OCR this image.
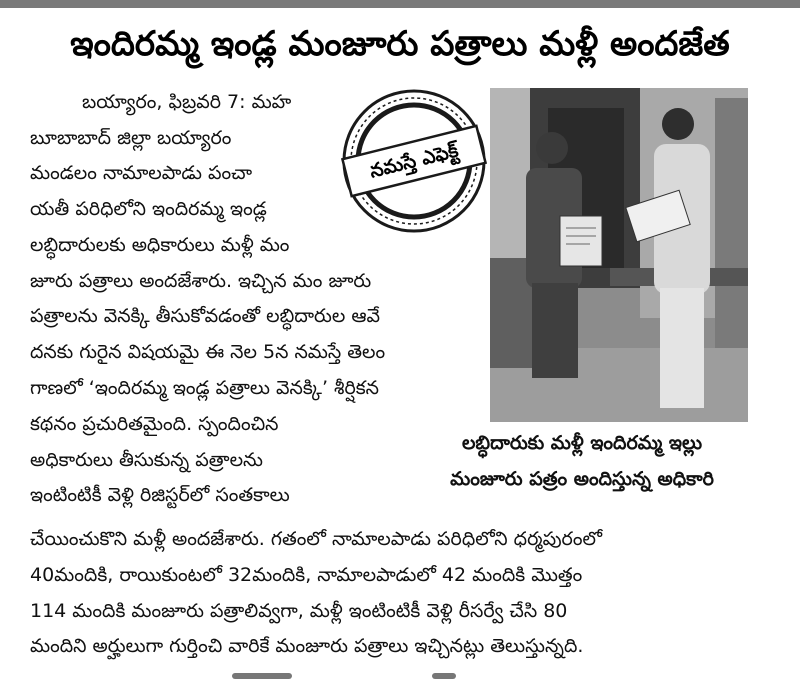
ఇందిరమ్మ ఇండ్ల మంజూరు పత్రాలు మళ్లీ అందజేత
బయ్యారం, ఫిబ్రవరి 7: మహ
బూబాబాద్ జిల్లా బయ్యారం
మండలం నామాలపాడు పంచా
యతీ పరిధిలోని ఇందిరమ్మ ఇండ్ల
లబ్ధిదారులకు అధికారులు మళ్లీ మం
జూరు పత్రాలు అందజేశారు. ఇచ్చిన మం జూరు
పత్రాలను వెనక్కి తీసుకోవడంతో లబ్ధిదారుల ఆవే
దనకు గురైన విషయమై ఈ నెల 5న నమస్తే తెలం
గాణలో ‘ఇందిరమ్మ ఇండ్ల పత్రాలు వెనక్కి’ శీర్షికన
కథనం ప్రచురితమైంది. స్పందించిన
అధికారులు తీసుకున్న పత్రాలను
ఇంటింటికీ వెళ్లి రిజిస్టర్‌లో సంతకాలు
చేయించుకొని మళ్లీ అందజేశారు. గతంలో నామాలపాడు పరిధిలోని ధర్మపురంలో
40మందికి, రాయికుంటలో 32మందికి, నామాలపాడులో 42 మందికి మొత్తం
114 మందికి మంజూరు పత్రాలివ్వగా, మళ్లీ ఇంటింటికీ వెళ్లి రీసర్వే చేసి 80
మందిని అర్హులుగా గుర్తించి వారికే మంజూరు పత్రాలు ఇచ్చినట్లు తెలుస్తున్నది.
నమస్తే ఎఫెక్ట్
లబ్ధిదారుకు మళ్లీ ఇందిరమ్మ ఇల్లు
మంజూరు పత్రం అందిస్తున్న అధికారి
